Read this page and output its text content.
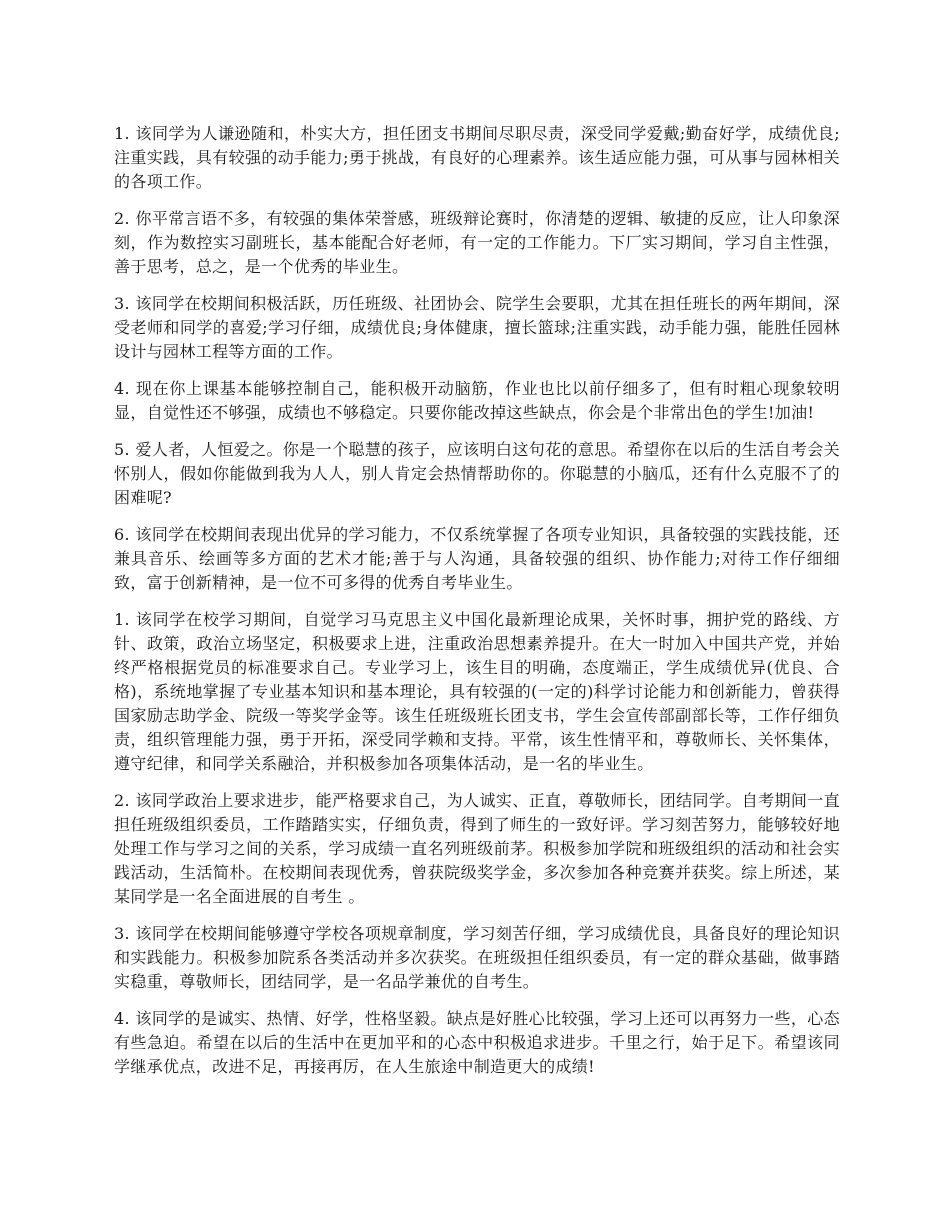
1. 该同学为人谦逊随和，朴实大方，担任团支书期间尽职尽责，深受同学爱戴;勤奋好学，成绩优良;注重实践，具有较强的动手能力;勇于挑战，有良好的心理素养。该生适应能力强，可从事与园林相关的各项工作。

2. 你平常言语不多，有较强的集体荣誉感，班级辩论赛时，你清楚的逻辑、敏捷的反应，让人印象深刻，作为数控实习副班长，基本能配合好老师，有一定的工作能力。下厂实习期间，学习自主性强，善于思考，总之，是一个优秀的毕业生。

3. 该同学在校期间积极活跃，历任班级、社团协会、院学生会要职，尤其在担任班长的两年期间，深受老师和同学的喜爱;学习仔细，成绩优良;身体健康，擅长篮球;注重实践，动手能力强，能胜任园林设计与园林工程等方面的工作。

4. 现在你上课基本能够控制自己，能积极开动脑筋，作业也比以前仔细多了，但有时粗心现象较明显，自觉性还不够强，成绩也不够稳定。只要你能改掉这些缺点，你会是个非常出色的学生!加油!

5. 爱人者，人恒爱之。你是一个聪慧的孩子，应该明白这句花的意思。希望你在以后的生活自考会关怀别人，假如你能做到我为人人，别人肯定会热情帮助你的。你聪慧的小脑瓜，还有什么克服不了的困难呢?

6. 该同学在校期间表现出优异的学习能力，不仅系统掌握了各项专业知识，具备较强的实践技能，还兼具音乐、绘画等多方面的艺术才能;善于与人沟通，具备较强的组织、协作能力;对待工作仔细细致，富于创新精神，是一位不可多得的优秀自考毕业生。

1. 该同学在校学习期间，自觉学习马克思主义中国化最新理论成果，关怀时事，拥护党的路线、方针、政策，政治立场坚定，积极要求上进，注重政治思想素养提升。在大一时加入中国共产党，并始终严格根据党员的标准要求自己。专业学习上，该生目的明确，态度端正，学生成绩优异(优良、合格)，系统地掌握了专业基本知识和基本理论，具有较强的(一定的)科学讨论能力和创新能力，曾获得国家励志助学金、院级一等奖学金等。该生任班级班长团支书，学生会宣传部副部长等，工作仔细负责，组织管理能力强，勇于开拓，深受同学赖和支持。平常，该生性情平和，尊敬师长、关怀集体，遵守纪律，和同学关系融洽，并积极参加各项集体活动，是一名的毕业生。

2. 该同学政治上要求进步，能严格要求自己，为人诚实、正直，尊敬师长，团结同学。自考期间一直担任班级组织委员，工作踏踏实实，仔细负责，得到了师生的一致好评。学习刻苦努力，能够较好地处理工作与学习之间的关系，学习成绩一直名列班级前茅。积极参加学院和班级组织的活动和社会实践活动，生活简朴。在校期间表现优秀，曾获院级奖学金，多次参加各种竞赛并获奖。综上所述，某某同学是一名全面进展的自考生 。

3. 该同学在校期间能够遵守学校各项规章制度，学习刻苦仔细，学习成绩优良，具备良好的理论知识和实践能力。积极参加院系各类活动并多次获奖。在班级担任组织委员，有一定的群众基础，做事踏实稳重，尊敬师长，团结同学，是一名品学兼优的自考生。

4. 该同学的是诚实、热情、好学，性格坚毅。缺点是好胜心比较强，学习上还可以再努力一些，心态有些急迫。希望在以后的生活中在更加平和的心态中积极追求进步。千里之行，始于足下。希望该同学继承优点，改进不足，再接再厉，在人生旅途中制造更大的成绩!
